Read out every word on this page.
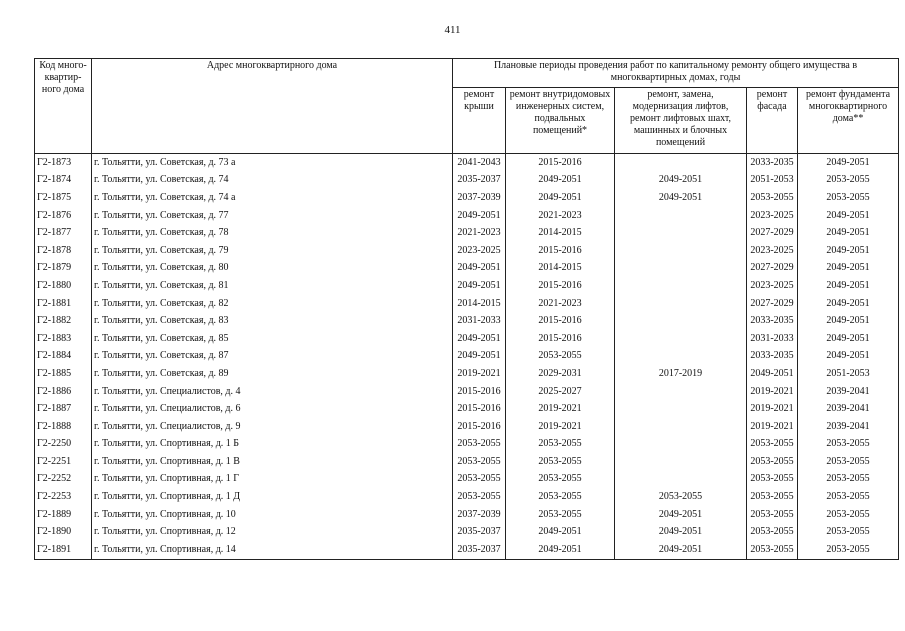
411
Код много-квартир-ного дома	Адрес многоквартирного дома	Плановые периоды проведения работ по капитальному ремонту общего имущества в многоквартирных домах, годы				
		ремонт крыши	ремонт внутридомовых инженерных систем, подвальных помещений*	ремонт, замена, модернизация лифтов, ремонт лифтовых шахт, машинных и блочных помещений	ремонт фасада	ремонт фундамента многоквартирного дома**
Г2-1873	г. Тольятти, ул. Советская, д. 73 а	2041-2043	2015-2016		2033-2035	2049-2051
Г2-1874	г. Тольятти, ул. Советская, д. 74	2035-2037	2049-2051	2049-2051	2051-2053	2053-2055
Г2-1875	г. Тольятти, ул. Советская, д. 74 а	2037-2039	2049-2051	2049-2051	2053-2055	2053-2055
Г2-1876	г. Тольятти, ул. Советская, д. 77	2049-2051	2021-2023		2023-2025	2049-2051
Г2-1877	г. Тольятти, ул. Советская, д. 78	2021-2023	2014-2015		2027-2029	2049-2051
Г2-1878	г. Тольятти, ул. Советская, д. 79	2023-2025	2015-2016		2023-2025	2049-2051
Г2-1879	г. Тольятти, ул. Советская, д. 80	2049-2051	2014-2015		2027-2029	2049-2051
Г2-1880	г. Тольятти, ул. Советская, д. 81	2049-2051	2015-2016		2023-2025	2049-2051
Г2-1881	г. Тольятти, ул. Советская, д. 82	2014-2015	2021-2023		2027-2029	2049-2051
Г2-1882	г. Тольятти, ул. Советская, д. 83	2031-2033	2015-2016		2033-2035	2049-2051
Г2-1883	г. Тольятти, ул. Советская, д. 85	2049-2051	2015-2016		2031-2033	2049-2051
Г2-1884	г. Тольятти, ул. Советская, д. 87	2049-2051	2053-2055		2033-2035	2049-2051
Г2-1885	г. Тольятти, ул. Советская, д. 89	2019-2021	2029-2031	2017-2019	2049-2051	2051-2053
Г2-1886	г. Тольятти, ул. Специалистов, д. 4	2015-2016	2025-2027		2019-2021	2039-2041
Г2-1887	г. Тольятти, ул. Специалистов, д. 6	2015-2016	2019-2021		2019-2021	2039-2041
Г2-1888	г. Тольятти, ул. Специалистов, д. 9	2015-2016	2019-2021		2019-2021	2039-2041
Г2-2250	г. Тольятти, ул. Спортивная, д. 1 Б	2053-2055	2053-2055		2053-2055	2053-2055
Г2-2251	г. Тольятти, ул. Спортивная, д. 1 В	2053-2055	2053-2055		2053-2055	2053-2055
Г2-2252	г. Тольятти, ул. Спортивная, д. 1 Г	2053-2055	2053-2055		2053-2055	2053-2055
Г2-2253	г. Тольятти, ул. Спортивная, д. 1 Д	2053-2055	2053-2055	2053-2055	2053-2055	2053-2055
Г2-1889	г. Тольятти, ул. Спортивная, д. 10	2037-2039	2053-2055	2049-2051	2053-2055	2053-2055
Г2-1890	г. Тольятти, ул. Спортивная, д. 12	2035-2037	2049-2051	2049-2051	2053-2055	2053-2055
Г2-1891	г. Тольятти, ул. Спортивная, д. 14	2035-2037	2049-2051	2049-2051	2053-2055	2053-2055
